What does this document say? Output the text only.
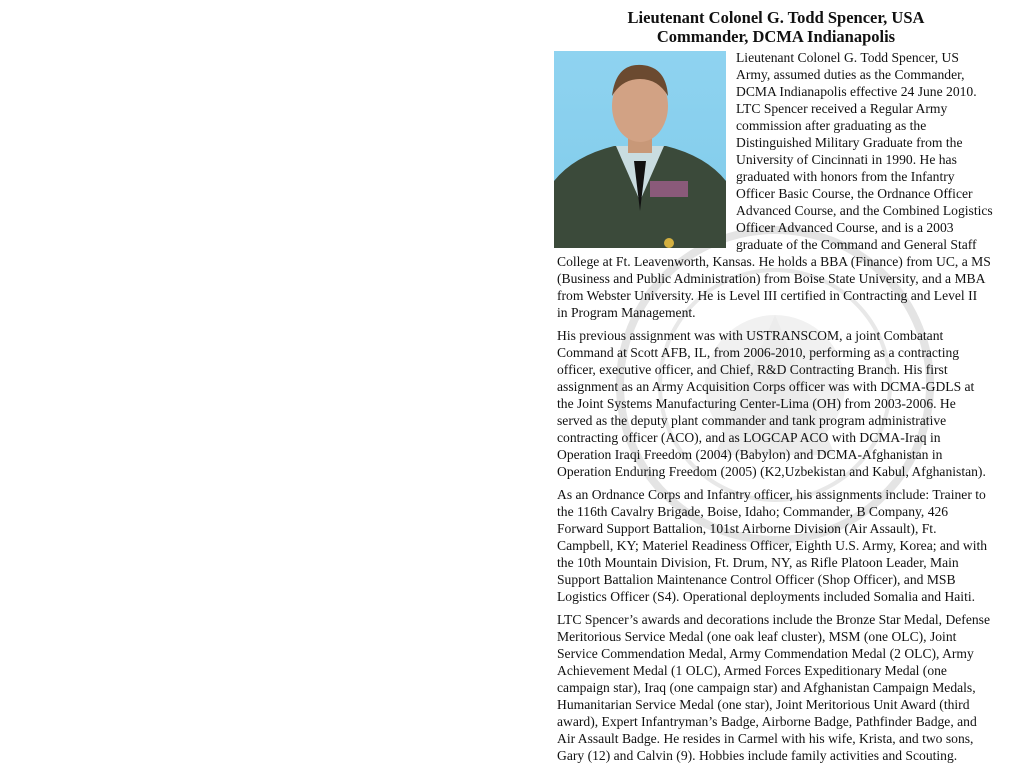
Lieutenant Colonel G. Todd Spencer, USA
Commander, DCMA Indianapolis
Lieutenant Colonel G. Todd Spencer, US
Army, assumed duties as the Commander,
DCMA Indianapolis effective 24 June 2010.
LTC Spencer received a Regular Army
commission after graduating as the
Distinguished Military Graduate from the
University of Cincinnati in 1990. He has
graduated with honors from the Infantry
Officer Basic Course, the Ordnance Officer
Advanced Course, and the Combined Logistics
Officer Advanced Course, and is a 2003
graduate of the Command and General Staff
College at Ft. Leavenworth, Kansas. He holds a BBA (Finance) from UC, a MS
(Business and Public Administration) from Boise State University, and a MBA
from Webster University. He is Level III certified in Contracting and Level II
in Program Management.
His previous assignment was with USTRANSCOM, a joint Combatant
Command at Scott AFB, IL, from 2006-2010, performing as a contracting
officer, executive officer, and Chief, R&D Contracting Branch. His first
assignment as an Army Acquisition Corps officer was with DCMA-GDLS at
the Joint Systems Manufacturing Center-Lima (OH) from 2003-2006. He
served as the deputy plant commander and tank program administrative
contracting officer (ACO), and as LOGCAP ACO with DCMA-Iraq in
Operation Iraqi Freedom (2004) (Babylon) and DCMA-Afghanistan in
Operation Enduring Freedom (2005) (K2,Uzbekistan and Kabul, Afghanistan).
As an Ordnance Corps and Infantry officer, his assignments include: Trainer to
the 116th Cavalry Brigade, Boise, Idaho; Commander, B Company, 426
Forward Support Battalion, 101st Airborne Division (Air Assault), Ft.
Campbell, KY; Materiel Readiness Officer, Eighth U.S. Army, Korea; and with
the 10th Mountain Division, Ft. Drum, NY, as Rifle Platoon Leader, Main
Support Battalion Maintenance Control Officer (Shop Officer), and MSB
Logistics Officer (S4). Operational deployments included Somalia and Haiti.
LTC Spencer’s awards and decorations include the Bronze Star Medal, Defense
Meritorious Service Medal (one oak leaf cluster), MSM (one OLC), Joint
Service Commendation Medal, Army Commendation Medal (2 OLC), Army
Achievement Medal (1 OLC), Armed Forces Expeditionary Medal (one
campaign star), Iraq (one campaign star) and Afghanistan Campaign Medals,
Humanitarian Service Medal (one star), Joint Meritorious Unit Award (third
award), Expert Infantryman’s Badge, Airborne Badge, Pathfinder Badge, and
Air Assault Badge. He resides in Carmel with his wife, Krista, and two sons,
Gary (12) and Calvin (9). Hobbies include family activities and Scouting.
